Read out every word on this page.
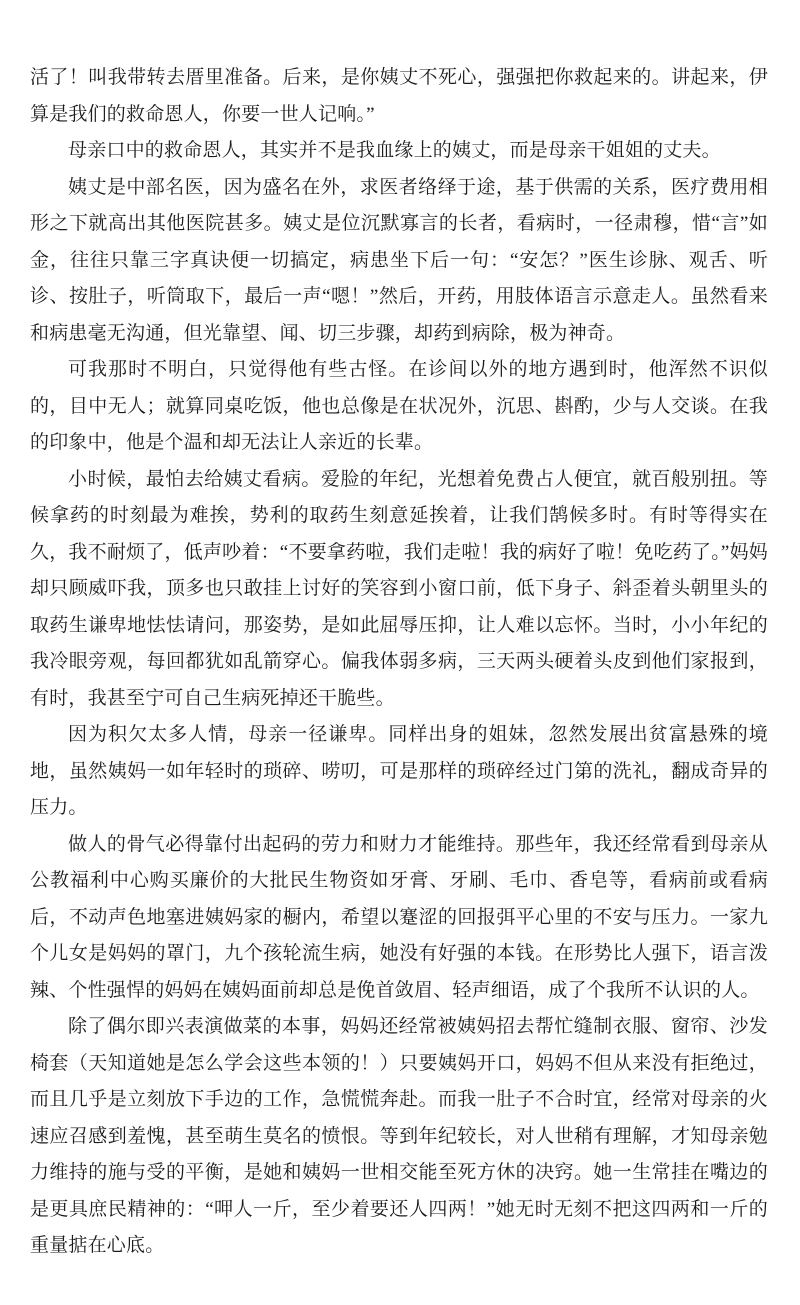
活了！叫我带转去厝里准备。后来，是你姨丈不死心，强强把你救起来的。讲起来，伊算是我们的救命恩人，你要一世人记响。”

母亲口中的救命恩人，其实并不是我血缘上的姨丈，而是母亲干姐姐的丈夫。

姨丈是中部名医，因为盛名在外，求医者络绎于途，基于供需的关系，医疗费用相形之下就高出其他医院甚多。姨丈是位沉默寡言的长者，看病时，一径肃穆，惜“言”如金，往往只靠三字真诀便一切搞定，病患坐下后一句：“安怎？”医生诊脉、观舌、听诊、按肚子，听筒取下，最后一声“嗯！”然后，开药，用肢体语言示意走人。虽然看来和病患毫无沟通，但光靠望、闻、切三步骤，却药到病除，极为神奇。

可我那时不明白，只觉得他有些古怪。在诊间以外的地方遇到时，他浑然不识似的，目中无人；就算同桌吃饭，他也总像是在状况外，沉思、斟酌，少与人交谈。在我的印象中，他是个温和却无法让人亲近的长辈。

小时候，最怕去给姨丈看病。爱脸的年纪，光想着免费占人便宜，就百般别扭。等候拿药的时刻最为难挨，势利的取药生刻意延挨着，让我们鹄候多时。有时等得实在久，我不耐烦了，低声吵着：“不要拿药啦，我们走啦！我的病好了啦！免吃药了。”妈妈却只顾威吓我，顶多也只敢挂上讨好的笑容到小窗口前，低下身子、斜歪着头朝里头的取药生谦卑地怯怯请问，那姿势，是如此屈辱压抑，让人难以忘怀。当时，小小年纪的我冷眼旁观，每回都犹如乱箭穿心。偏我体弱多病，三天两头硬着头皮到他们家报到，有时，我甚至宁可自己生病死掉还干脆些。

因为积欠太多人情，母亲一径谦卑。同样出身的姐妹，忽然发展出贫富悬殊的境地，虽然姨妈一如年轻时的琐碎、唠叨，可是那样的琐碎经过门第的洗礼，翻成奇异的压力。

做人的骨气必得靠付出起码的劳力和财力才能维持。那些年，我还经常看到母亲从公教福利中心购买廉价的大批民生物资如牙膏、牙刷、毛巾、香皂等，看病前或看病后，不动声色地塞进姨妈家的橱内，希望以蹇涩的回报弭平心里的不安与压力。一家九个儿女是妈妈的罩门，九个孩轮流生病，她没有好强的本钱。在形势比人强下，语言泼辣、个性强悍的妈妈在姨妈面前却总是俛首敛眉、轻声细语，成了个我所不认识的人。

除了偶尔即兴表演做菜的本事，妈妈还经常被姨妈招去帮忙缝制衣服、窗帘、沙发椅套（天知道她是怎么学会这些本领的！）只要姨妈开口，妈妈不但从来没有拒绝过，而且几乎是立刻放下手边的工作，急慌慌奔赴。而我一肚子不合时宜，经常对母亲的火速应召感到羞愧，甚至萌生莫名的愤恨。等到年纪较长，对人世稍有理解，才知母亲勉力维持的施与受的平衡，是她和姨妈一世相交能至死方休的决窍。她一生常挂在嘴边的是更具庶民精神的：“呷人一斤，至少着要还人四两！”她无时无刻不把这四两和一斤的重量掂在心底。
